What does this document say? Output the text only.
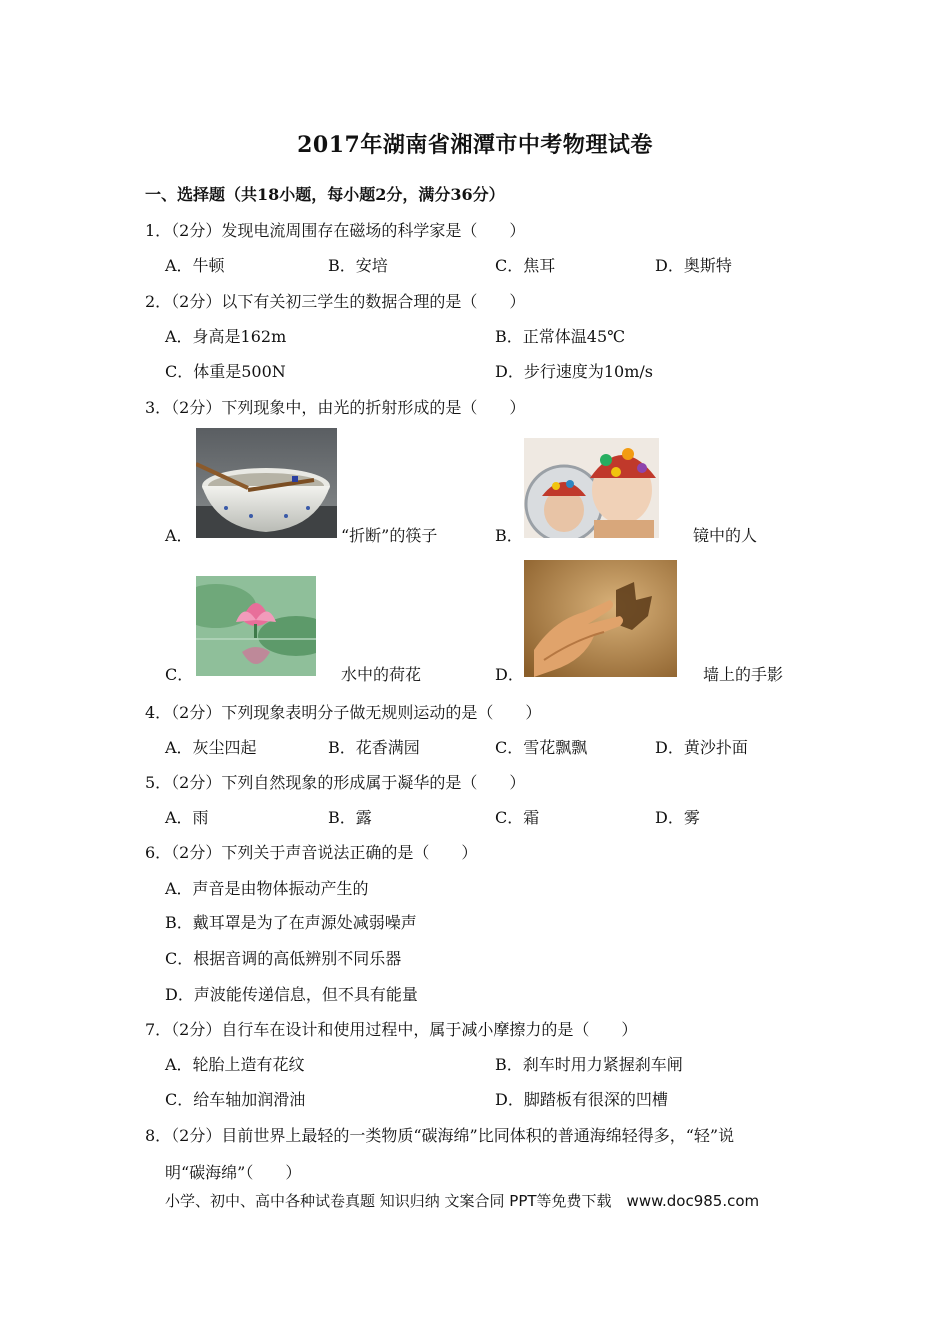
2017年湖南省湘潭市中考物理试卷
一、选择题（共18小题，每小题2分，满分36分）
1．（2分）发现电流周围存在磁场的科学家是（　　）
A．牛顿	B．安培	C．焦耳	D．奥斯特
2．（2分）以下有关初三学生的数据合理的是（　　）
A．身高是162m	B．正常体温45℃
C．体重是500N	D．步行速度为10m/s
3．（2分）下列现象中，由光的折射形成的是（　　）
A．	“折断”的筷子	B．	镜中的人
C．	水中的荷花	D．	墙上的手影
4．（2分）下列现象表明分子做无规则运动的是（　　）
A．灰尘四起	B．花香满园	C．雪花飘飘	D．黄沙扑面
5．（2分）下列自然现象的形成属于凝华的是（　　）
A．雨	B．露	C．霜	D．雾
6．（2分）下列关于声音说法正确的是（　　）
A．声音是由物体振动产生的
B．戴耳罩是为了在声源处减弱噪声
C．根据音调的高低辨别不同乐器
D．声波能传递信息，但不具有能量
7．（2分）自行车在设计和使用过程中，属于减小摩擦力的是（　　）
A．轮胎上造有花纹	B．刹车时用力紧握刹车闸
C．给车轴加润滑油	D．脚踏板有很深的凹槽
8．（2分）目前世界上最轻的一类物质“碳海绵”比同体积的普通海绵轻得多，“轻”说
明“碳海绵”（　　）
小学、初中、高中各种试卷真题 知识归纳 文案合同 PPT等免费下载　www.doc985.com
